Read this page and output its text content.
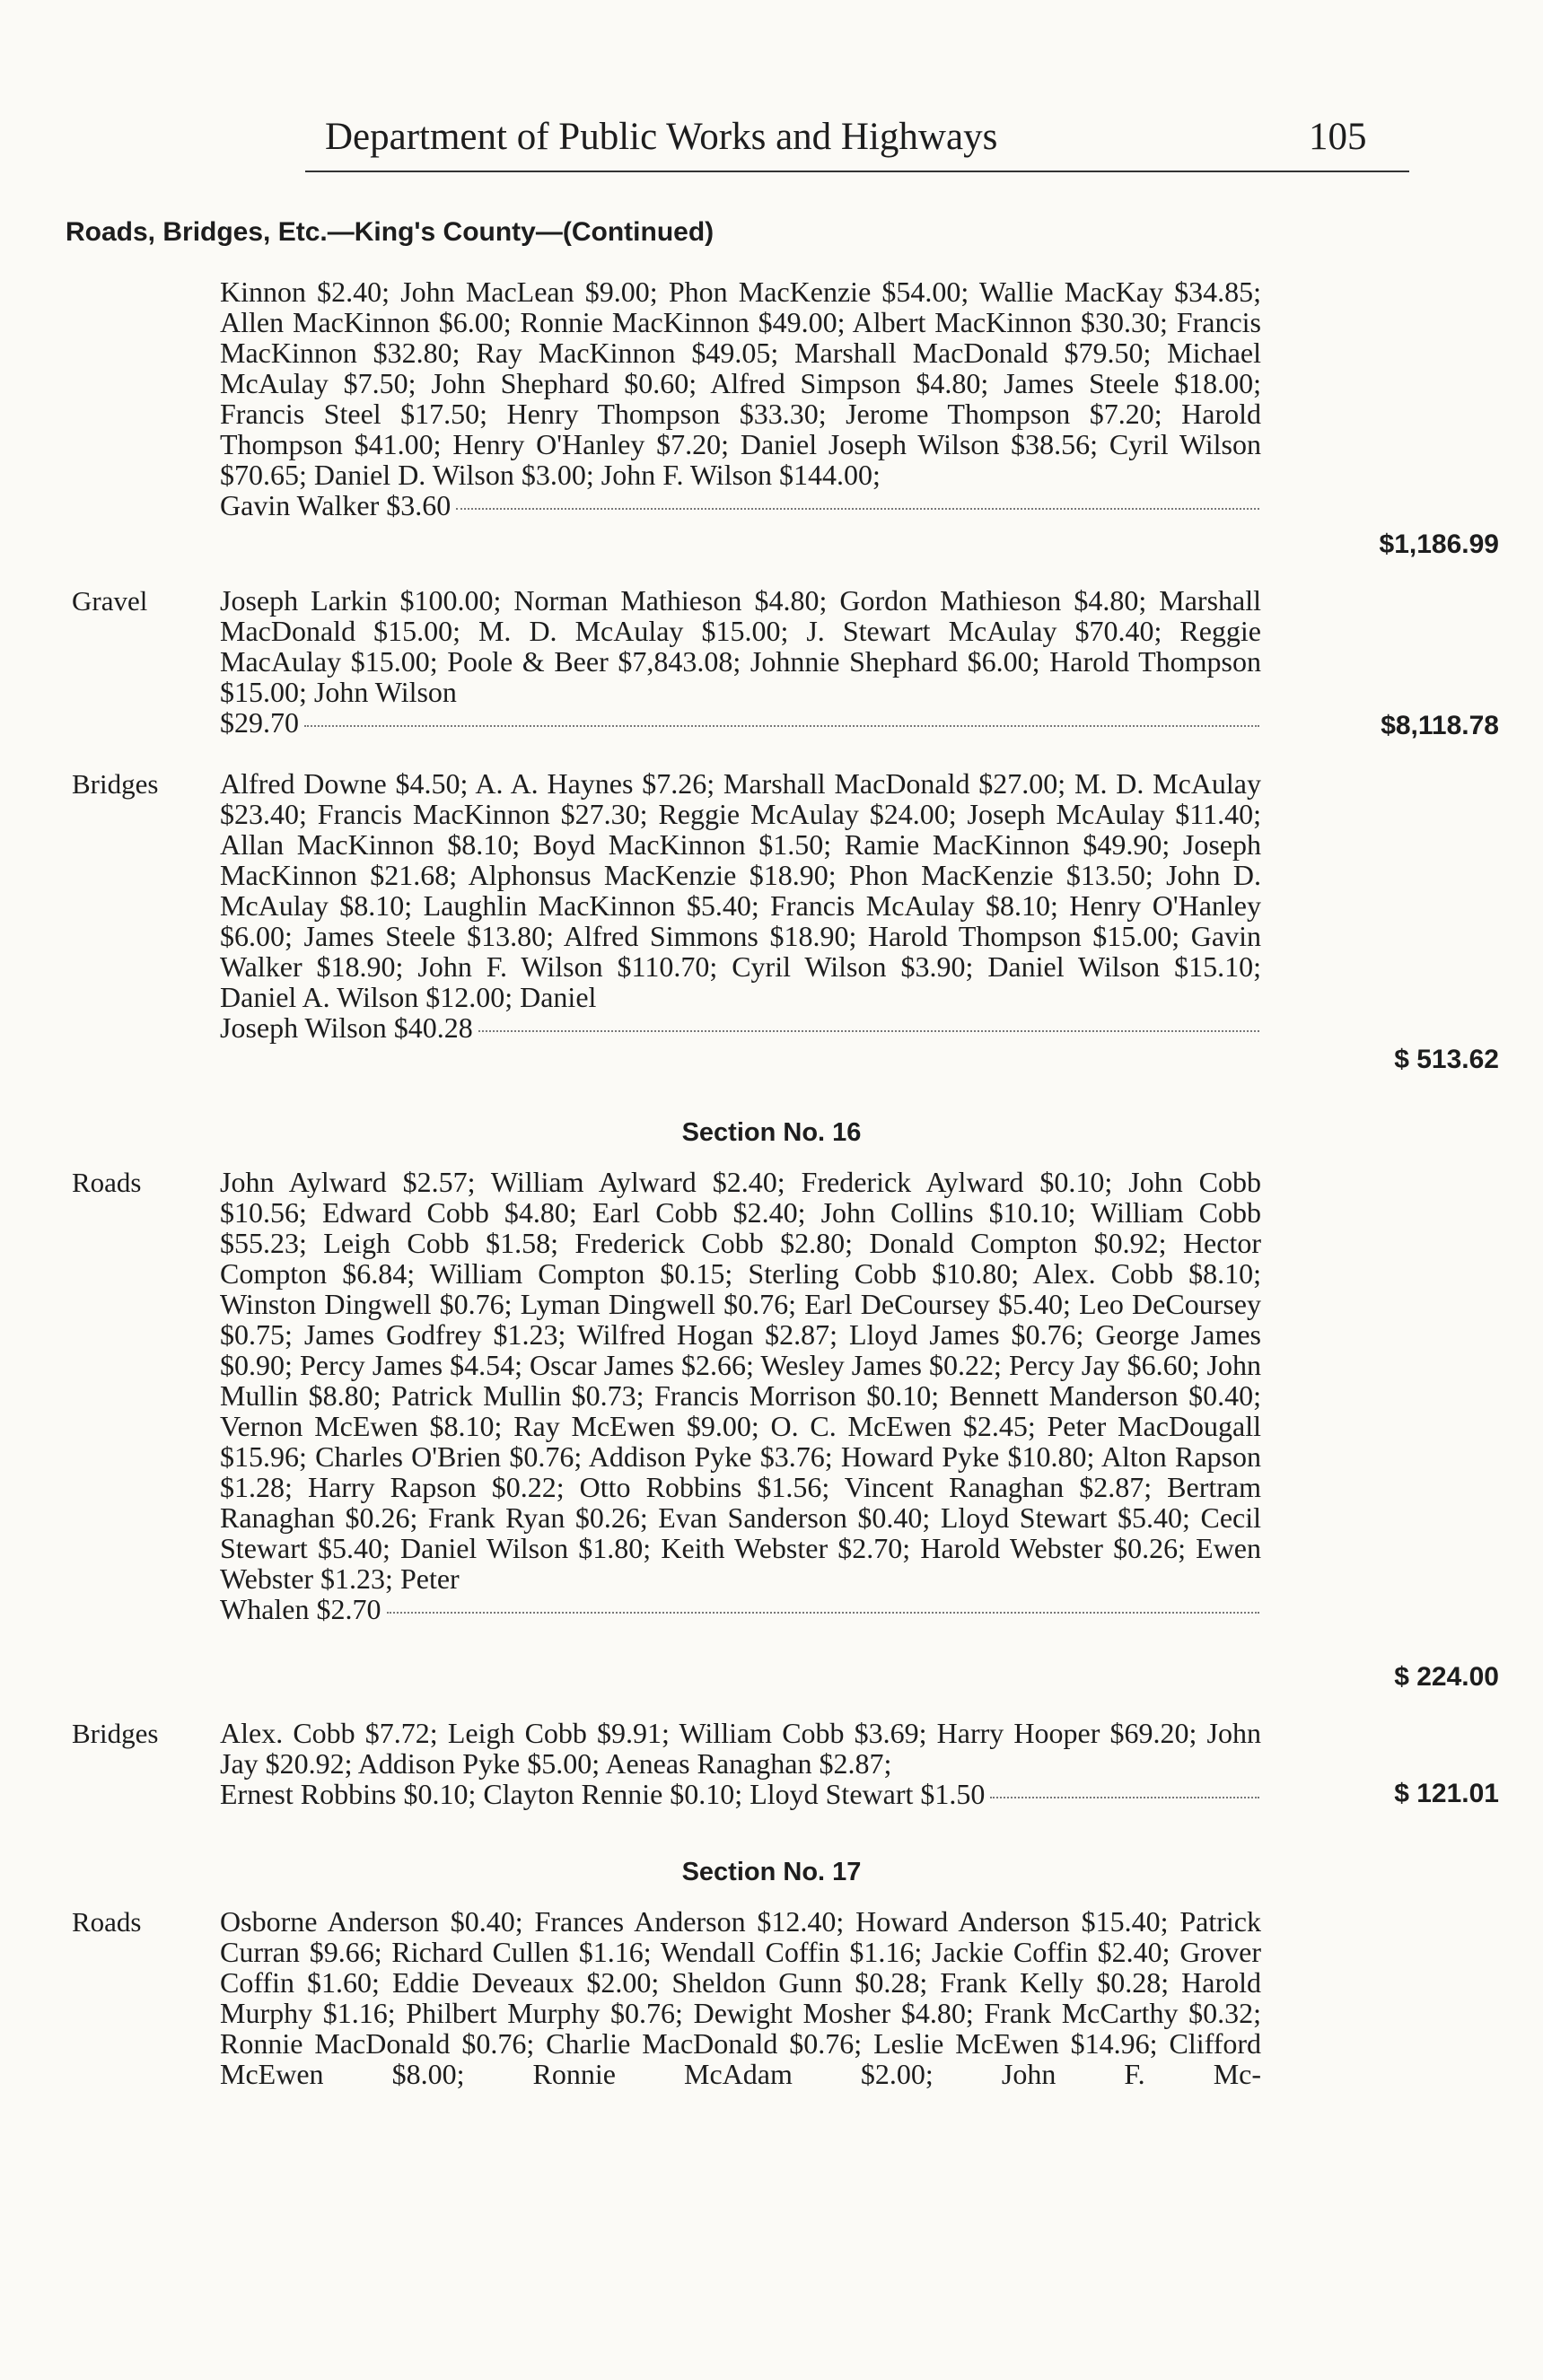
Department of Public Works and Highways	105
Roads, Bridges, Etc.—King's County—(Continued)
Kinnon $2.40; John MacLean $9.00; Phon MacKenzie $54.00; Wallie MacKay $34.85; Allen MacKinnon $6.00; Ronnie MacKinnon $49.00; Albert MacKinnon $30.30; Francis MacKinnon $32.80; Ray MacKinnon $49.05; Marshall MacDonald $79.50; Michael McAulay $7.50; John Shephard $0.60; Alfred Simpson $4.80; James Steele $18.00; Francis Steel $17.50; Henry Thompson $33.30; Jerome Thompson $7.20; Harold Thompson $41.00; Henry O'Hanley $7.20; Daniel Joseph Wilson $38.56; Cyril Wilson $70.65; Daniel D. Wilson $3.00; John F. Wilson $144.00;
Gavin Walker $3.60
$1,186.99
Gravel	Joseph Larkin $100.00; Norman Mathieson $4.80; Gordon Mathieson $4.80; Marshall MacDonald $15.00; M. D. McAulay $15.00; J. Stewart McAulay $70.40; Reggie MacAulay $15.00; Poole & Beer $7,843.08; Johnnie Shephard $6.00; Harold Thompson $15.00; John Wilson
$29.70	$8,118.78
Bridges Alfred Downe $4.50; A. A. Haynes $7.26; Marshall MacDonald $27.00; M. D. McAulay $23.40; Francis MacKinnon $27.30; Reggie McAulay $24.00; Joseph McAulay $11.40; Allan MacKinnon $8.10; Boyd MacKinnon $1.50; Ramie MacKinnon $49.90; Joseph MacKinnon $21.68; Alphonsus MacKenzie $18.90; Phon MacKenzie $13.50; John D. McAulay $8.10; Laughlin MacKinnon $5.40; Francis McAulay $8.10; Henry O'Hanley $6.00; James Steele $13.80; Alfred Simmons $18.90; Harold Thompson $15.00; Gavin Walker $18.90; John F. Wilson $110.70; Cyril Wilson $3.90; Daniel Wilson $15.10; Daniel A. Wilson $12.00; Daniel
Joseph Wilson $40.28
$ 513.62
Section No. 16
Roads	John Aylward $2.57; William Aylward $2.40; Frederick Aylward $0.10; John Cobb $10.56; Edward Cobb $4.80; Earl Cobb $2.40; John Collins $10.10; William Cobb $55.23; Leigh Cobb $1.58; Frederick Cobb $2.80; Donald Compton $0.92; Hector Compton $6.84; William Compton $0.15; Sterling Cobb $10.80; Alex. Cobb $8.10; Winston Dingwell $0.76; Lyman Dingwell $0.76; Earl DeCoursey $5.40; Leo DeCoursey $0.75; James Godfrey $1.23; Wilfred Hogan $2.87; Lloyd James $0.76; George James $0.90; Percy James $4.54; Oscar James $2.66; Wesley James $0.22; Percy Jay $6.60; John Mullin $8.80; Patrick Mullin $0.73; Francis Morrison $0.10; Bennett Manderson $0.40; Vernon McEwen $8.10; Ray McEwen $9.00; O. C. McEwen $2.45; Peter MacDougall $15.96; Charles O'Brien $0.76; Addison Pyke $3.76; Howard Pyke $10.80; Alton Rapson $1.28; Harry Rapson $0.22; Otto Robbins $1.56; Vincent Ranaghan $2.87; Bertram Ranaghan $0.26; Frank Ryan $0.26; Evan Sanderson $0.40; Lloyd Stewart $5.40; Cecil Stewart $5.40; Daniel Wilson $1.80; Keith Webster $2.70; Harold Webster $0.26; Ewen Webster $1.23; Peter
Whalen $2.70
$ 224.00
Bridges Alex. Cobb $7.72; Leigh Cobb $9.91; William Cobb $3.69; Harry Hooper $69.20; John Jay $20.92; Addison Pyke $5.00; Aeneas Ranaghan $2.87;
Ernest Robbins $0.10; Clayton Rennie $0.10; Lloyd Stewart $1.50	$ 121.01
Section No. 17
Roads	Osborne Anderson $0.40; Frances Anderson $12.40; Howard Anderson $15.40; Patrick Curran $9.66; Richard Cullen $1.16; Wendall Coffin $1.16; Jackie Coffin $2.40; Grover Coffin $1.60; Eddie Deveaux $2.00; Sheldon Gunn $0.28; Frank Kelly $0.28; Harold Murphy $1.16; Philbert Murphy $0.76; Dewight Mosher $4.80; Frank McCarthy $0.32; Ronnie MacDonald $0.76; Charlie MacDonald $0.76; Leslie McEwen $14.96; Clifford McEwen $8.00; Ronnie McAdam $2.00; John F. Mc-
